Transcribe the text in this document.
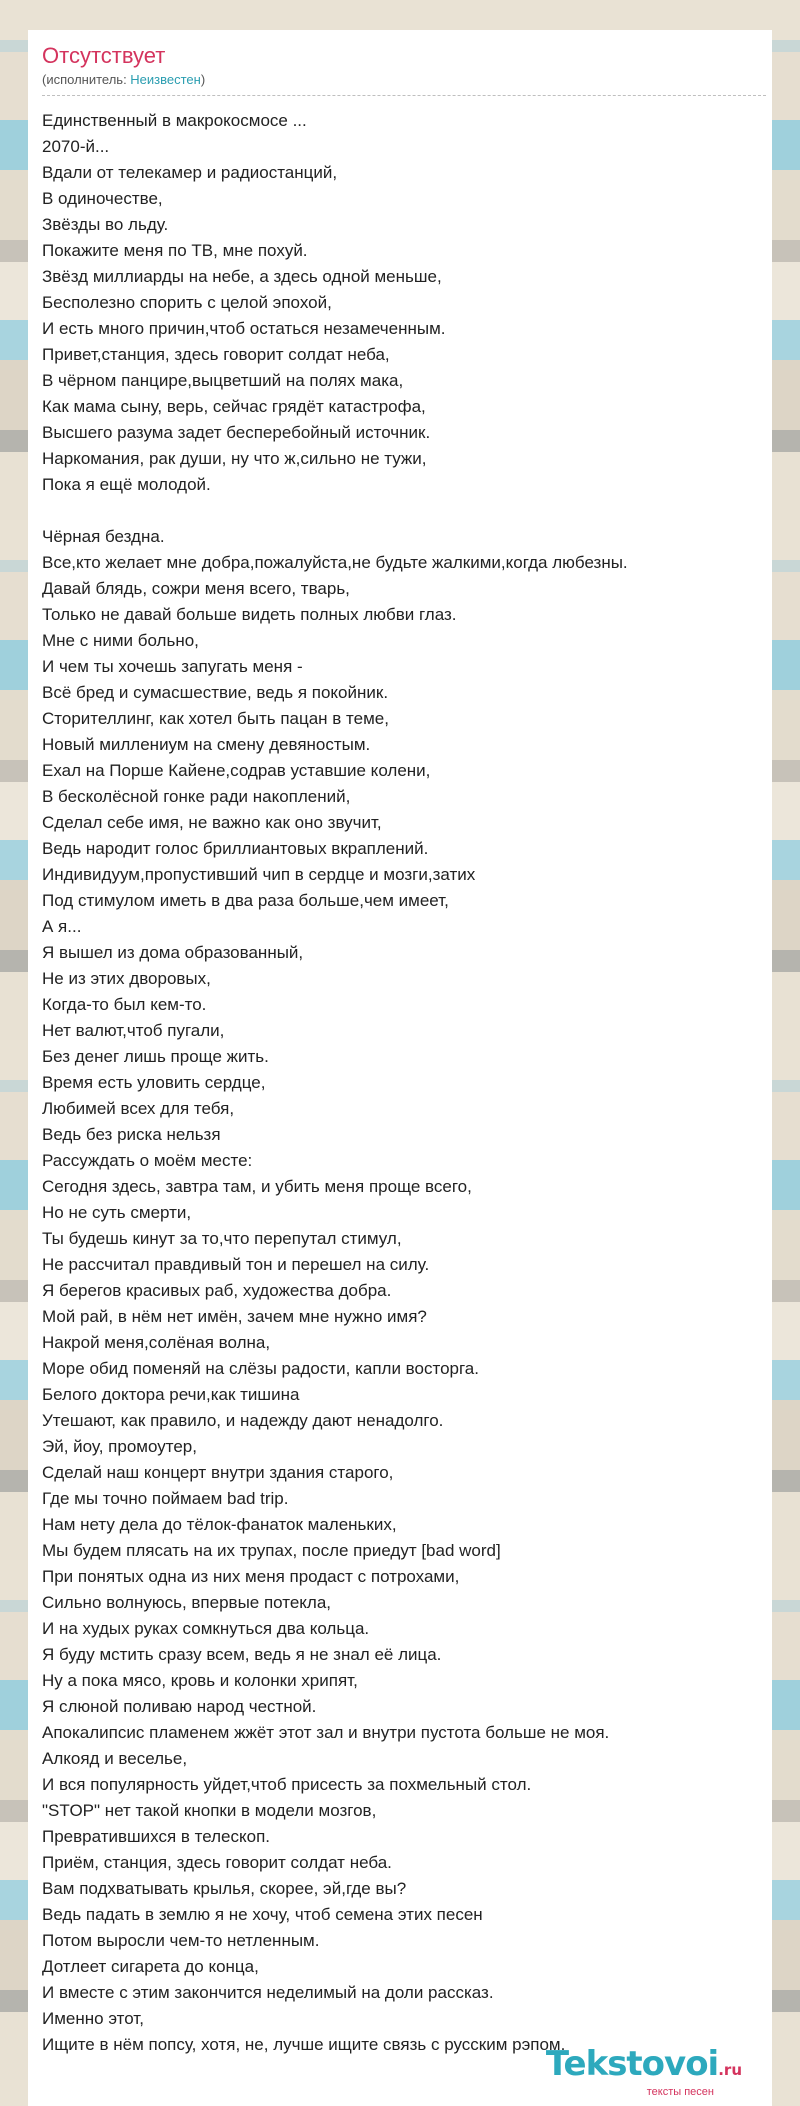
Отсутствует
(исполнитель: Неизвестен)
Единственный в макрокосмосе ...
2070-й...
Вдали от телекамер и радиостанций,
В одиночестве,
Звёзды во льду.
Покажите меня по ТВ, мне похуй.
Звёзд миллиарды на небе, а здесь одной меньше,
Бесполезно спорить с целой эпохой,
И есть много причин,чтоб остаться незамеченным.
Привет,станция, здесь говорит солдат неба,
В чёрном панцире,выцветший на полях мака,
Как мама сыну, верь, сейчас грядёт катастрофа,
Высшего разума задет бесперебойный источник.
Наркомания, рак души, ну что ж,сильно не тужи,
Пока я ещё молодой.
Чёрная бездна.
Все,кто желает мне добра,пожалуйста,не будьте жалкими,когда любезны.
Давай блядь, сожри меня всего, тварь,
Только не давай больше видеть полных любви глаз.
Мне с ними больно,
И чем ты хочешь запугать меня -
Всё бред и сумасшествие, ведь я покойник.
Сторителлинг, как хотел быть пацан в теме,
Новый миллениум на смену девяностым.
Ехал на Порше Кайене,содрав уставшие колени,
В бесколёсной гонке ради накоплений,
Сделал себе имя, не важно как оно звучит,
Ведь народит голос бриллиантовых вкраплений.
Индивидуум,пропустивший чип в сердце и мозги,затих
Под стимулом иметь в два раза больше,чем имеет,
А я...
Я вышел из дома образованный,
Не из этих дворовых,
Когда-то был кем-то.
Нет валют,чтоб пугали,
Без денег лишь проще жить.
Время есть уловить сердце,
Любимей всех для тебя,
Ведь без риска нельзя
Рассуждать о моём месте:
Сегодня здесь, завтра там, и убить меня проще всего,
Но не суть смерти,
Ты будешь кинут за то,что перепутал стимул,
Не рассчитал правдивый тон и перешел на силу.
Я берегов красивых раб, художества добра.
Мой рай, в нём нет имён, зачем мне нужно имя?
Накрой меня,солёная волна,
Море обид поменяй на слёзы радости, капли восторга.
Белого доктора речи,как тишина
Утешают, как правило, и надежду дают ненадолго.
Эй, йоу, промоутер,
Сделай наш концерт внутри здания старого,
Где мы точно поймаем bad trip.
Нам нету дела до тёлок-фанаток маленьких,
Мы будем плясать на их трупах, после приедут [bad word]
При понятых одна из них меня продаст с потрохами,
Сильно волнуюсь, впервые потекла,
И на худых руках сомкнуться два кольца.
Я буду мстить сразу всем, ведь я не знал её лица.
Ну а пока мясо, кровь и колонки хрипят,
Я слюной поливаю народ честной.
Апокалипсис пламенем жжёт этот зал и внутри пустота больше не моя.
Алкояд и веселье,
И вся популярность уйдет,чтоб присесть за похмельный стол.
"STOP" нет такой кнопки в модели мозгов,
Превратившихся в телескоп.
Приём, станция, здесь говорит солдат неба.
Вам подхватывать крылья, скорее, эй,где вы?
Ведь падать в землю я не хочу, чтоб семена этих песен
Потом выросли чем-то нетленным.
Дотлеет сигарета до конца,
И вместе с этим закончится неделимый на доли рассказ.
Именно этот,
Ищите в нём попсу, хотя, не, лучше ищите связь с русским рэпом.
Tekstovoi.ru
тексты песен
